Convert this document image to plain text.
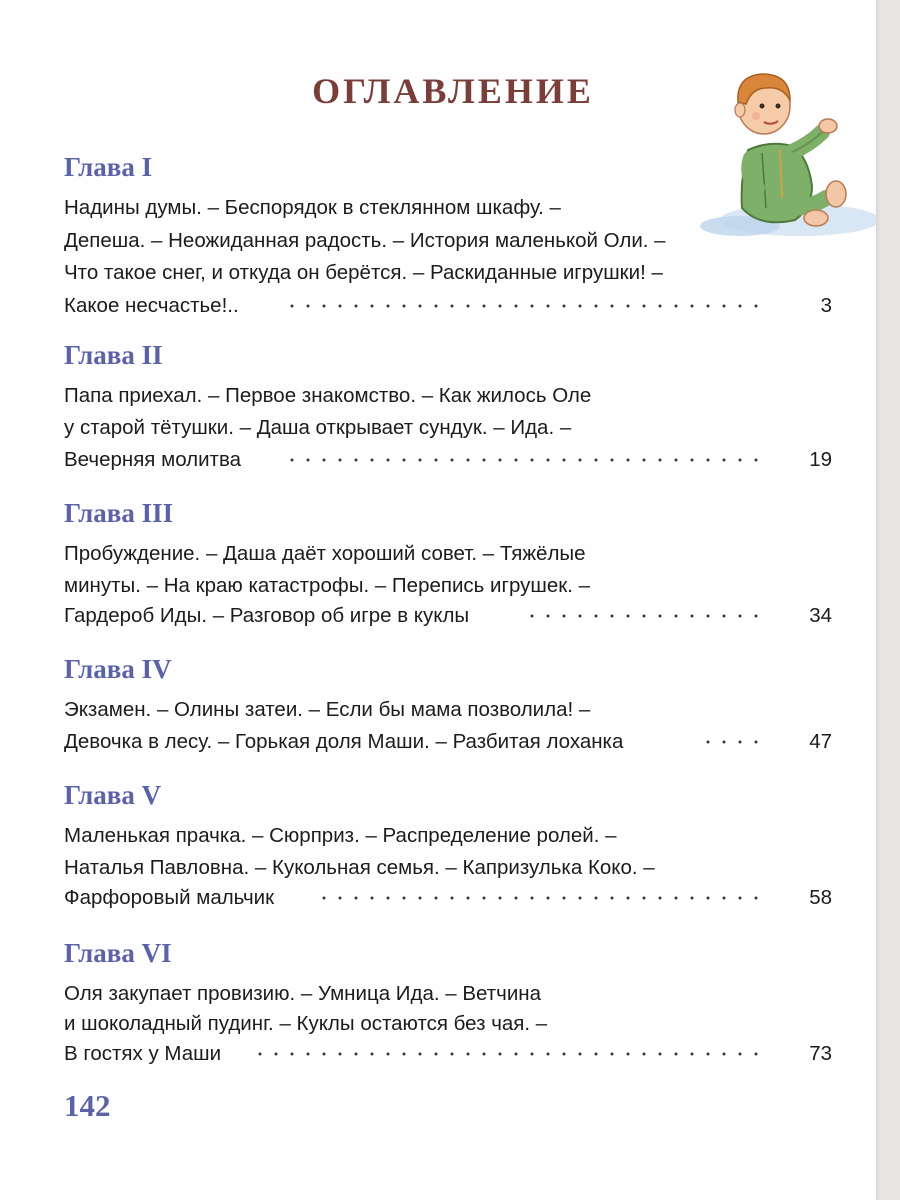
ОГЛАВЛЕНИЕ
Глава I
Надины думы. – Беспорядок в стеклянном шкафу. –
Депеша. – Неожиданная радость. – История маленькой Оли. –
Что такое снег, и откуда он берётся. – Раскиданные игрушки! –
Какое несчастье!..	3
Глава II
Папа приехал. – Первое знакомство. – Как жилось Оле
у старой тётушки. – Даша открывает сундук. – Ида. –
Вечерняя молитва	19
Глава III
Пробуждение. – Даша даёт хороший совет. – Тяжёлые
минуты. – На краю катастрофы. – Перепись игрушек. –
Гардероб Иды. – Разговор об игре в куклы	34
Глава IV
Экзамен. – Олины затеи. – Если бы мама позволила! –
Девочка в лесу. – Горькая доля Маши. – Разбитая лоханка	47
Глава V
Маленькая прачка. – Сюрприз. – Распределение ролей. –
Наталья Павловна. – Кукольная семья. – Капризулька Коко. –
Фарфоровый мальчик	58
Глава VI
Оля закупает провизию. – Умница Ида. – Ветчина
и шоколадный пудинг. – Куклы остаются без чая. –
В гостях у Маши	73
142
